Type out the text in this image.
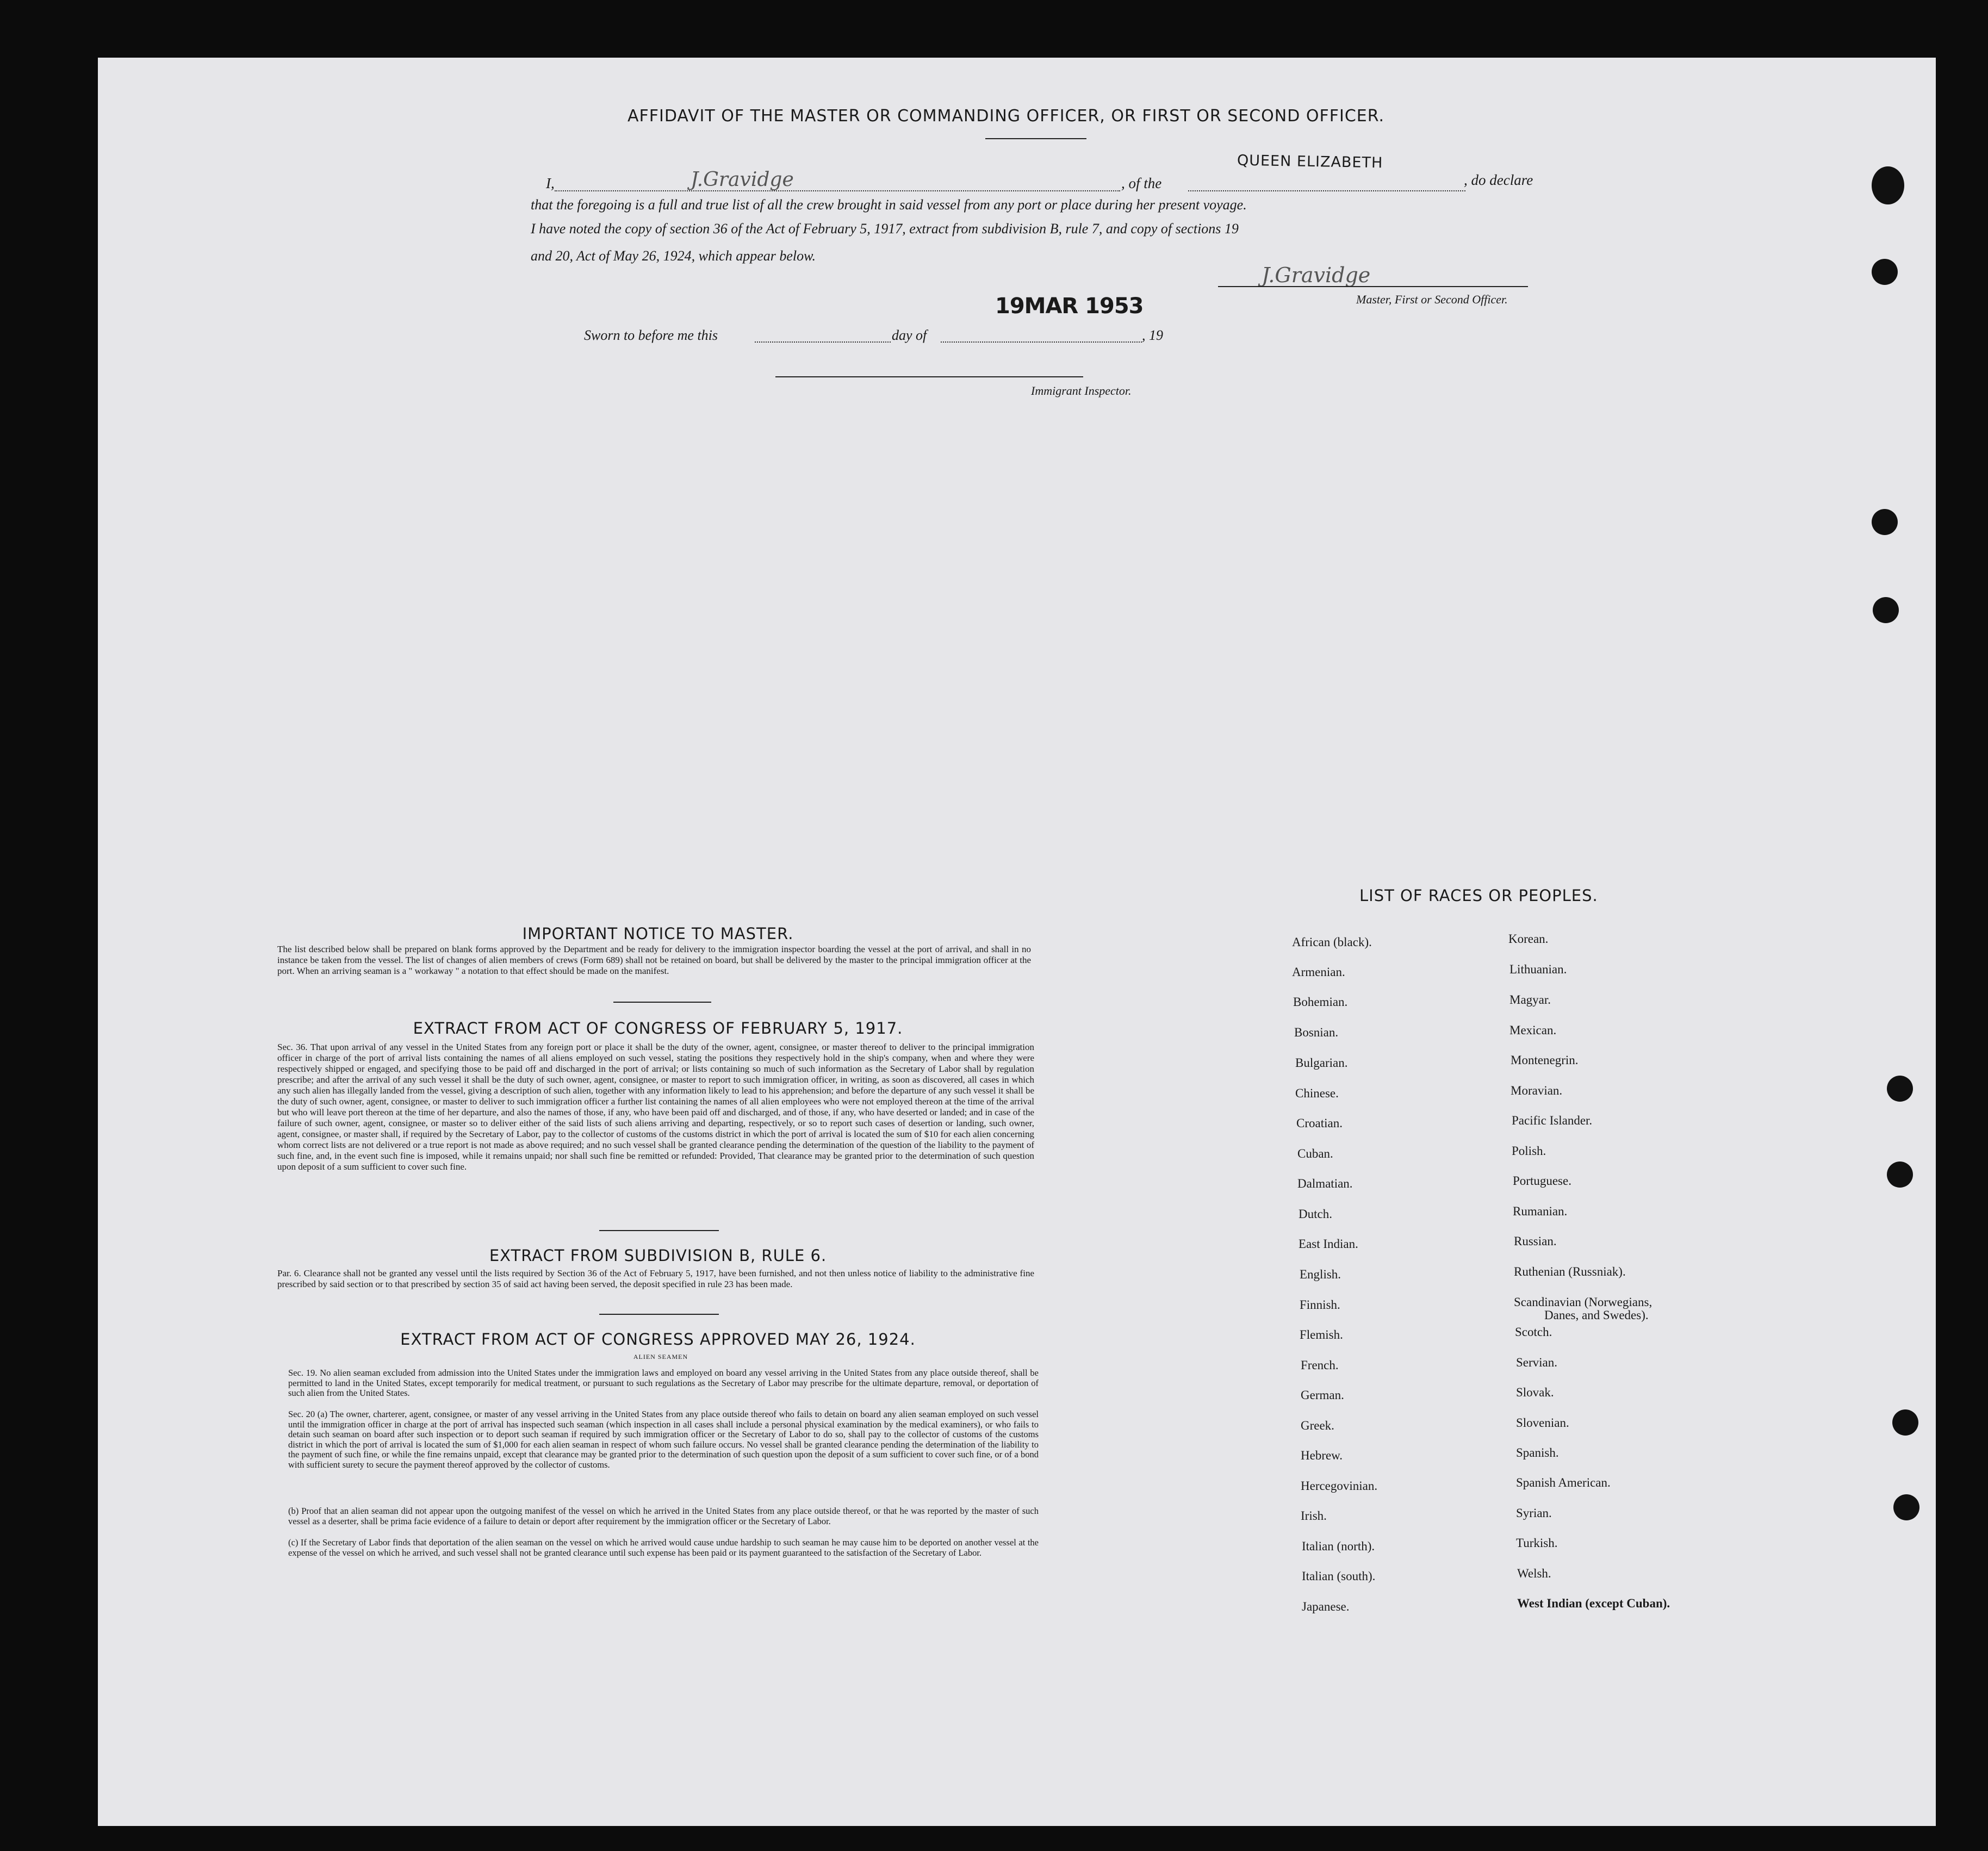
AFFIDAVIT OF THE MASTER OR COMMANDING OFFICER, OR FIRST OR SECOND OFFICER.
I,	J.Gravidge	, of the
QUEEN ELIZABETH
, do declare
that the foregoing is a full and true list of all the crew brought in said vessel from any port or place during her present voyage.
I have noted the copy of section 36 of the Act of February 5, 1917, extract from subdivision B, rule 7, and copy of sections 19
and 20, Act of May 26, 1924, which appear below.
J.Gravidge
Master, First or Second Officer.
Sworn to before me this	day of
19MAR 1953
, 19
Immigrant Inspector.
IMPORTANT NOTICE TO MASTER.
The list described below shall be prepared on blank forms approved by the Department and be ready for delivery to the immigration inspector boarding the vessel at the port of arrival, and shall in no instance be taken from the vessel. The list of changes of alien members of crews (Form 689) shall not be retained on board, but shall be delivered by the master to the principal immigration officer at the port. When an arriving seaman is a " workaway " a notation to that effect should be made on the manifest.
EXTRACT FROM ACT OF CONGRESS OF FEBRUARY 5, 1917.
Sec. 36. That upon arrival of any vessel in the United States from any foreign port or place it shall be the duty of the owner, agent, consignee, or master thereof to deliver to the principal immigration officer in charge of the port of arrival lists containing the names of all aliens employed on such vessel, stating the positions they respectively hold in the ship's company, when and where they were respectively shipped or engaged, and specifying those to be paid off and discharged in the port of arrival; or lists containing so much of such information as the Secretary of Labor shall by regulation prescribe; and after the arrival of any such vessel it shall be the duty of such owner, agent, consignee, or master to report to such immigration officer, in writing, as soon as discovered, all cases in which any such alien has illegally landed from the vessel, giving a description of such alien, together with any information likely to lead to his apprehension; and before the departure of any such vessel it shall be the duty of such owner, agent, consignee, or master to deliver to such immigration officer a further list containing the names of all alien employees who were not employed thereon at the time of the arrival but who will leave port thereon at the time of her departure, and also the names of those, if any, who have been paid off and discharged, and of those, if any, who have deserted or landed; and in case of the failure of such owner, agent, consignee, or master so to deliver either of the said lists of such aliens arriving and departing, respectively, or so to report such cases of desertion or landing, such owner, agent, consignee, or master shall, if required by the Secretary of Labor, pay to the collector of customs of the customs district in which the port of arrival is located the sum of $10 for each alien concerning whom correct lists are not delivered or a true report is not made as above required; and no such vessel shall be granted clearance pending the determination of the question of the liability to the payment of such fine, and, in the event such fine is imposed, while it remains unpaid; nor shall such fine be remitted or refunded: Provided, That clearance may be granted prior to the determination of such question upon deposit of a sum sufficient to cover such fine.
EXTRACT FROM SUBDIVISION B, RULE 6.
Par. 6. Clearance shall not be granted any vessel until the lists required by Section 36 of the Act of February 5, 1917, have been furnished, and not then unless notice of liability to the administrative fine prescribed by said section or to that prescribed by section 35 of said act having been served, the deposit specified in rule 23 has been made.
EXTRACT FROM ACT OF CONGRESS APPROVED MAY 26, 1924.
ALIEN SEAMEN
Sec. 19. No alien seaman excluded from admission into the United States under the immigration laws and employed on board any vessel arriving in the United States from any place outside thereof, shall be permitted to land in the United States, except temporarily for medical treatment, or pursuant to such regulations as the Secretary of Labor may prescribe for the ultimate departure, removal, or deportation of such alien from the United States.
Sec. 20 (a) The owner, charterer, agent, consignee, or master of any vessel arriving in the United States from any place outside thereof who fails to detain on board any alien seaman employed on such vessel until the immigration officer in charge at the port of arrival has inspected such seaman (which inspection in all cases shall include a personal physical examination by the medical examiners), or who fails to detain such seaman on board after such inspection or to deport such seaman if required by such immigration officer or the Secretary of Labor to do so, shall pay to the collector of customs of the customs district in which the port of arrival is located the sum of $1,000 for each alien seaman in respect of whom such failure occurs. No vessel shall be granted clearance pending the determination of the liability to the payment of such fine, or while the fine remains unpaid, except that clearance may be granted prior to the determination of such question upon the deposit of a sum sufficient to cover such fine, or of a bond with sufficient surety to secure the payment thereof approved by the collector of customs.
(b) Proof that an alien seaman did not appear upon the outgoing manifest of the vessel on which he arrived in the United States from any place outside thereof, or that he was reported by the master of such vessel as a deserter, shall be prima facie evidence of a failure to detain or deport after requirement by the immigration officer or the Secretary of Labor.
(c) If the Secretary of Labor finds that deportation of the alien seaman on the vessel on which he arrived would cause undue hardship to such seaman he may cause him to be deported on another vessel at the expense of the vessel on which he arrived, and such vessel shall not be granted clearance until such expense has been paid or its payment guaranteed to the satisfaction of the Secretary of Labor.
LIST OF RACES OR PEOPLES.
African (black).
Armenian.
Bohemian.
Bosnian.
Bulgarian.
Chinese.
Croatian.
Cuban.
Dalmatian.
Dutch.
East Indian.
English.
Finnish.
Flemish.
French.
German.
Greek.
Hebrew.
Hercegovinian.
Irish.
Italian (north).
Italian (south).
Japanese.
Korean.
Lithuanian.
Magyar.
Mexican.
Montenegrin.
Moravian.
Pacific Islander.
Polish.
Portuguese.
Rumanian.
Russian.
Ruthenian (Russniak).
Scandinavian (Norwegians,
Danes, and Swedes).
Scotch.
Servian.
Slovak.
Slovenian.
Spanish.
Spanish American.
Syrian.
Turkish.
Welsh.
West Indian (except Cuban).
